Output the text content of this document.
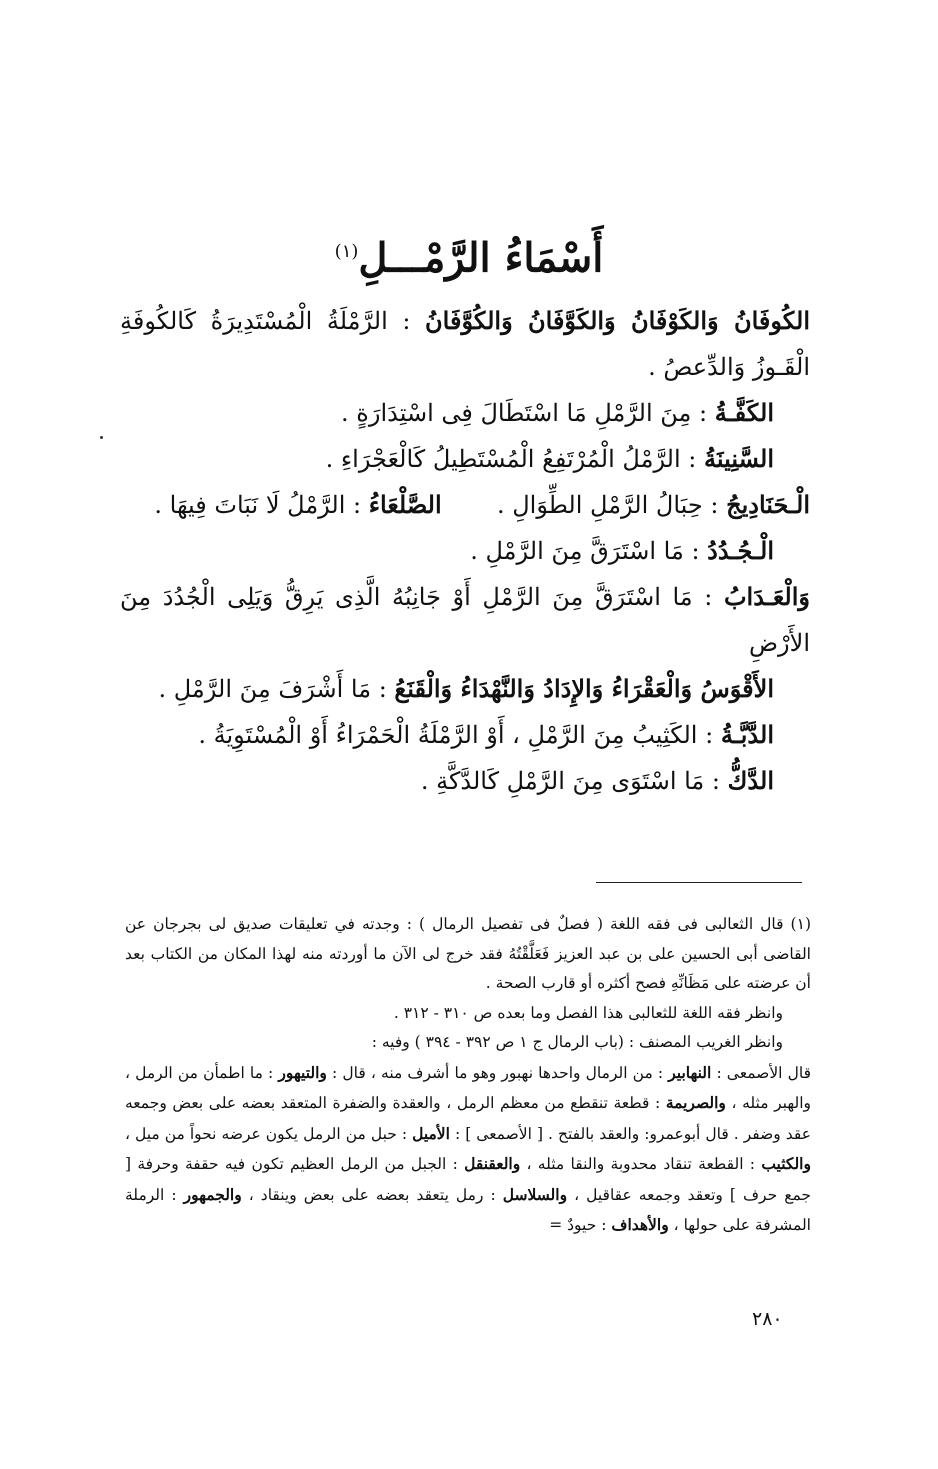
أَسْمَاءُ الرَّمْـــلِ$^{(١)}$
الكُوفَانُ وَالكَوْفَانُ وَالكَوَّفَانُ وَالكُوَّفَانُ : الرَّمْلَةُ الْمُسْتَدِيرَةُ كَالكُوفَةِ الْقَـوزُ وَالدِّعصُ .
الكَفَّـةُ : مِنَ الرَّمْلِ مَا اسْتَطَالَ فِى اسْتِدَارَةٍ .
السَّنِينَةُ : الرَّمْلُ الْمُرْتَفِعُ الْمُسْتَطِيلُ كَالْعَجْرَاءِ .
الْـحَنَادِيجُ : حِبَالُ الرَّمْلِ الطِّوَالِ .  الصَّلْعَاءُ : الرَّمْلُ لَا نَبَاتَ فِيهَا .
الْـجُـدُدُ : مَا اسْتَرَقَّ مِنَ الرَّمْلِ .
وَالْعَـدَابُ : مَا اسْتَرَقَّ مِنَ الرَّمْلِ أَوْ جَانِبُهُ الَّذِى يَرِقُّ وَيَلِى الْجُدُدَ مِنَ الأَرْضِ
الأَقْوَسُ وَالْعَقْرَاءُ وَالإِدَادُ وَالنَّهْدَاءُ وَالْقَنَعُ : مَا أَشْرَفَ مِنَ الرَّمْلِ .
الدَّبَّـةُ : الكَثِيبُ مِنَ الرَّمْلِ ، أَوْ الرَّمْلَةُ الْحَمْرَاءُ أَوْ الْمُسْتَوِيَةُ .
الدَّكُّ : مَا اسْتَوَى مِنَ الرَّمْلِ كَالدَّكَّةِ .
(١) قال الثعالبى فى فقه اللغة ( فصلٌ فى تفصيل الرمال ) : وجدته في تعليقات صديق لى بجرجان عن القاضى أبى الحسين على بن عبد العزيز فَعَلَّقْتُهُ فقد خرج لى الآن ما أوردته منه لهذا المكان من الكتاب بعد أن عرضته على مَظَانِّهِ فصح أكثره أو قارب الصحة .
وانظر فقه اللغة للثعالبى هذا الفصل وما بعده ص ٣١٠ - ٣١٢ .
وانظر الغريب المصنف : (باب الرمال ج ١ ص ٣٩٢ - ٣٩٤ ) وفيه :
قال الأصمعى : النهابير : من الرمال واحدها نهبور وهو ما أشرف منه ، قال : والتيهور : ما اطمأن من الرمل ، والهبر مثله ، والصريمة : قطعة تنقطع من معظم الرمل ، والعقدة والضفرة المتعقد بعضه على بعض وجمعه عقد وضفر . قال أبوعمرو: والعقد بالفتح . [ الأصمعى ] : الأميل : حبل من الرمل يكون عرضه نحواً من ميل ، والكثيب : القطعة تنقاد محدوبة والنقا مثله ، والعقنقل : الجبل من الرمل العظيم تكون فيه حقفة وحرفة [ جمع حرف ] وتعقد وجمعه عقاقيل ، والسلاسل : رمل يتعقد بعضه على بعض وينقاد ، والجمهور : الرملة المشرفة على حولها ، والأهداف : حيودٌ =
٢٨٠
